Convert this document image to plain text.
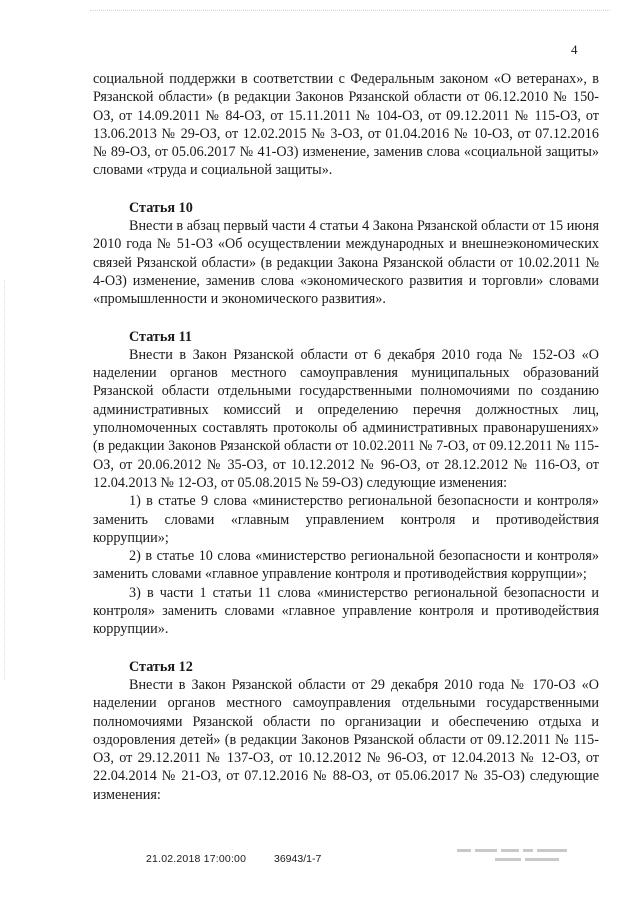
4

социальной поддержки в соответствии с Федеральным законом «О ветеранах», в Рязанской области» (в редакции Законов Рязанской области от 06.12.2010 № 150-ОЗ, от 14.09.2011 № 84-ОЗ, от 15.11.2011 № 104-ОЗ, от 09.12.2011 № 115-ОЗ, от 13.06.2013 № 29-ОЗ, от 12.02.2015 № 3-ОЗ, от 01.04.2016 № 10-ОЗ, от 07.12.2016 № 89-ОЗ, от 05.06.2017 № 41-ОЗ) изменение, заменив слова «социальной защиты» словами «труда и социальной защиты».

Статья 10

Внести в абзац первый части 4 статьи 4 Закона Рязанской области от 15 июня 2010 года № 51-ОЗ «Об осуществлении международных и внешнеэкономических связей Рязанской области» (в редакции Закона Рязанской области от 10.02.2011 № 4-ОЗ) изменение, заменив слова «экономического развития и торговли» словами «промышленности и экономического развития».

Статья 11

Внести в Закон Рязанской области от 6 декабря 2010 года № 152-ОЗ «О наделении органов местного самоуправления муниципальных образований Рязанской области отдельными государственными полномочиями по созданию административных комиссий и определению перечня должностных лиц, уполномоченных составлять протоколы об административных правонарушениях» (в редакции Законов Рязанской области от 10.02.2011 № 7-ОЗ, от 09.12.2011 № 115-ОЗ, от 20.06.2012 № 35-ОЗ, от 10.12.2012 № 96-ОЗ, от 28.12.2012 № 116-ОЗ, от 12.04.2013 № 12-ОЗ, от 05.08.2015 № 59-ОЗ) следующие изменения:

1) в статье 9 слова «министерство региональной безопасности и контроля» заменить словами «главным управлением контроля и противодействия коррупции»;

2) в статье 10 слова «министерство региональной безопасности и контроля» заменить словами «главное управление контроля и противодействия коррупции»;

3) в части 1 статьи 11 слова «министерство региональной безопасности и контроля» заменить словами «главное управление контроля и противодействия коррупции».

Статья 12

Внести в Закон Рязанской области от 29 декабря 2010 года № 170-ОЗ «О наделении органов местного самоуправления отдельными государственными полномочиями Рязанской области по организации и обеспечению отдыха и оздоровления детей» (в редакции Законов Рязанской области от 09.12.2011 № 115-ОЗ, от 29.12.2011 № 137-ОЗ, от 10.12.2012 № 96-ОЗ, от 12.04.2013 № 12-ОЗ, от 22.04.2014 № 21-ОЗ, от 07.12.2016 № 88-ОЗ, от 05.06.2017 № 35-ОЗ) следующие изменения:

21.02.2018 17:00:00	36943/1-7
